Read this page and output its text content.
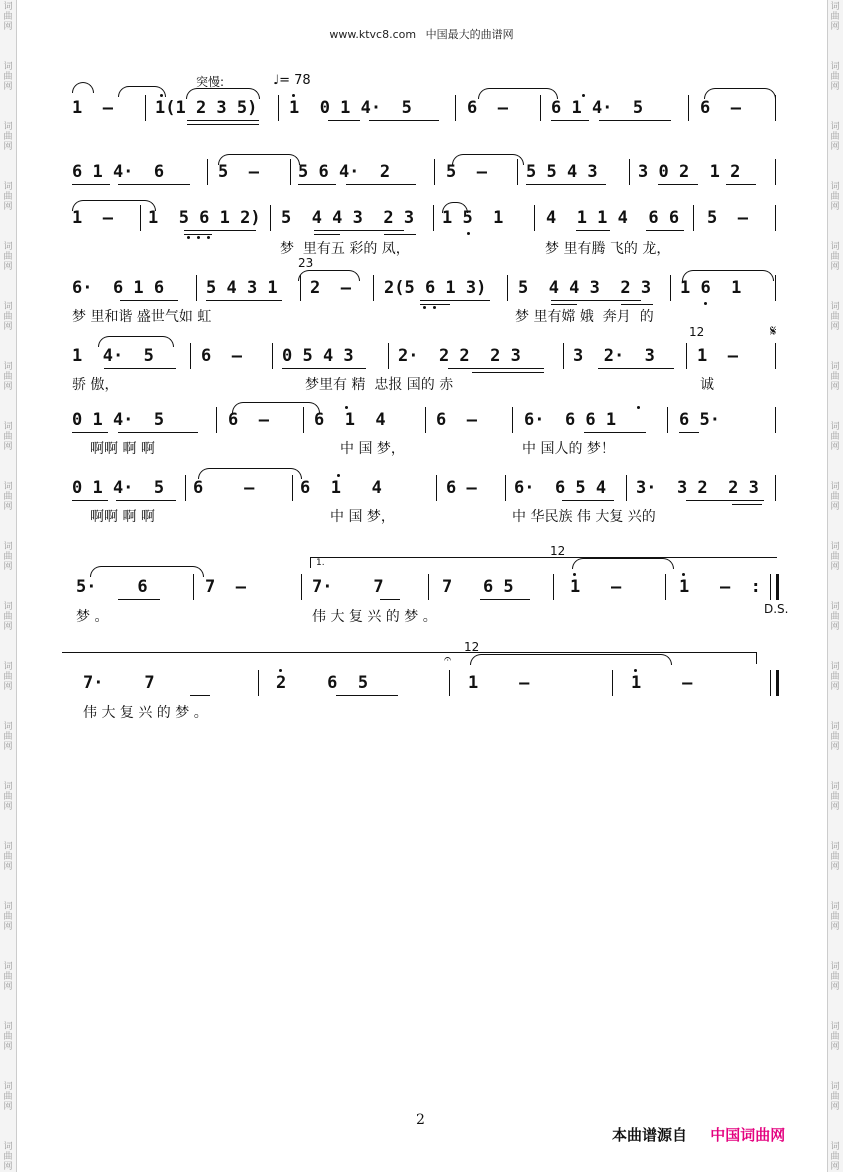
词
曲
网
词
曲
网
词
曲
网
词
曲
网
词
曲
网
词
曲
网
词
曲
网
词
曲
网
词
曲
网
词
曲
网
词
曲
网
词
曲
网
词
曲
网
词
曲
网
词
曲
网
词
曲
网
词
曲
网
词
曲
网
词
曲
网
词
曲
网
词
曲
网
词
曲
网
词
曲
网
词
曲
网
词
曲
网
词
曲
网
词
曲
网
词
曲
网
词
曲
网
词
曲
网
词
曲
网
词
曲
网
词
曲
网
词
曲
网
词
曲
网
词
曲
网
词
曲
网
词
曲
网
词
曲
网
词
曲
网
www.ktvc8.com 中国最大的曲谱网
突慢:	♩= 78
1  – 1(1 2 3 5) 1  0 1 4·  5	6  –	6 1 4·  5	6  –
6 1 4·  6	5  – 5 6 4·  2	5  – 5 5 4 3 3 0 2  1 2
1  – 1  5 6 1 2) 5  4 4 3  2 3 1 5  1	4  1 1 4  6 6 5  –
梦  里有五 彩的 凤，	梦 里有腾 飞的 龙，
23
6·  6 1 6 5 4 3 1 2  – 2(5 6 1 3) 5  4 4 3  2 3 1 6  1
梦 里和谐 盛世气如 虹	梦 里有嫦 娥  奔月  的
12	𝄋
1  4·  5	6  – 0 5 4 3	2·  2 2  2 3	3  2·  3 1  –
骄 傲，	梦里有 精  忠报 国的 赤	诚
0 1 4·  5	6  –	6  1  4	6  –	6·  6 6 1	6 5·
啊啊 啊 啊	中 国 梦，	中 国人的 梦！
0 1 4·  5 6    –	6  1   4	6 – 6·  6 5 4 3·  3 2  2 3
啊啊 啊 啊	中 国 梦，	中 华民族 伟 大复 兴的
1.
12
5·    6	7  –	7·    7	7   6 5	1   –	1   –  :
D.S.
梦 。	伟 大 复 兴 的 梦 。
12
𝄐
7·    7	2    6  5	1    –	1    –
伟 大 复 兴 的 梦 。
2
本曲谱源自 中国词曲网
